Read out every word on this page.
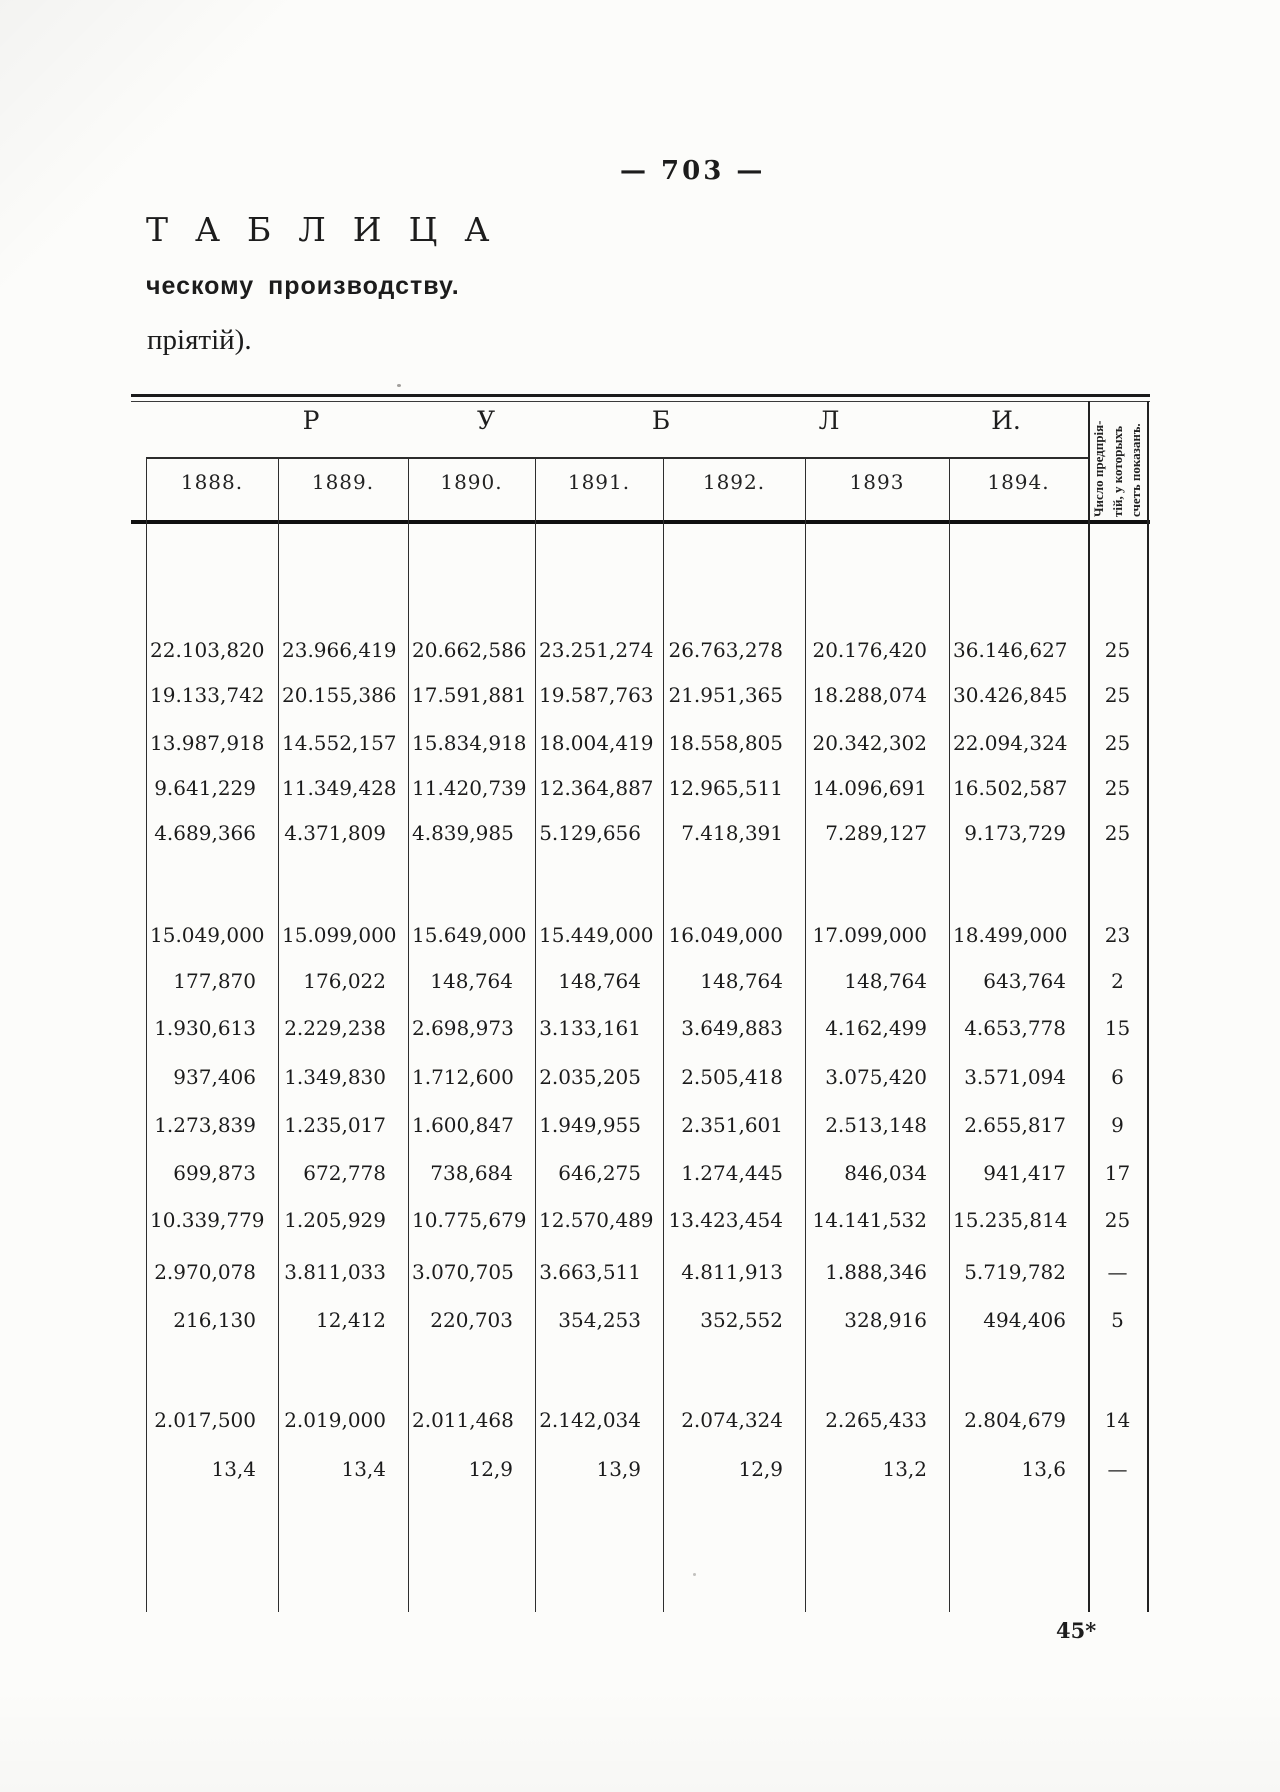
— 703 —
ТАБЛИЦА
ческому производству.
пріятій).
Р	У	Б	Л	И.
1888.	1889.	1890.	1891.	1892.	1893	1894.	Число предпрія- тій, у которыхъ счетъ показанъ.
22.103,820 23.966,419 20.662,586 23.251,274 26.763,278 20.176,420 36.146,627	25
19.133,742 20.155,386 17.591,881 19.587,763 21.951,365 18.288,074 30.426,845	25
13.987,918 14.552,157 15.834,918 18.004,419 18.558,805 20.342,302 22.094,324	25
9.641,229 11.349,428 11.420,739 12.364,887 12.965,511 14.096,691 16.502,587	25
4.689,366 4.371,809 4.839,985 5.129,656	7.418,391	7.289,127	9.173,729	25
15.049,000 15.099,000 15.649,000 15.449,000 16.049,000 17.099,000 18.499,000	23
177,870	176,022	148,764	148,764	148,764	148,764	643,764	2
1.930,613 2.229,238 2.698,973 3.133,161	3.649,883	4.162,499	4.653,778	15
937,406 1.349,830 1.712,600 2.035,205	2.505,418	3.075,420	3.571,094	6
1.273,839 1.235,017 1.600,847 1.949,955	2.351,601	2.513,148	2.655,817	9
699,873	672,778	738,684	646,275	1.274,445	846,034	941,417	17
10.339,779 1.205,929 10.775,679 12.570,489 13.423,454 14.141,532 15.235,814	25
2.970,078 3.811,033 3.070,705 3.663,511	4.811,913	1.888,346	5.719,782	—
216,130	12,412	220,703	354,253	352,552	328,916	494,406	5
2.017,500 2.019,000 2.011,468 2.142,034	2.074,324	2.265,433	2.804,679	14
13,4	13,4	12,9	13,9	12,9	13,2	13,6	—
45*
